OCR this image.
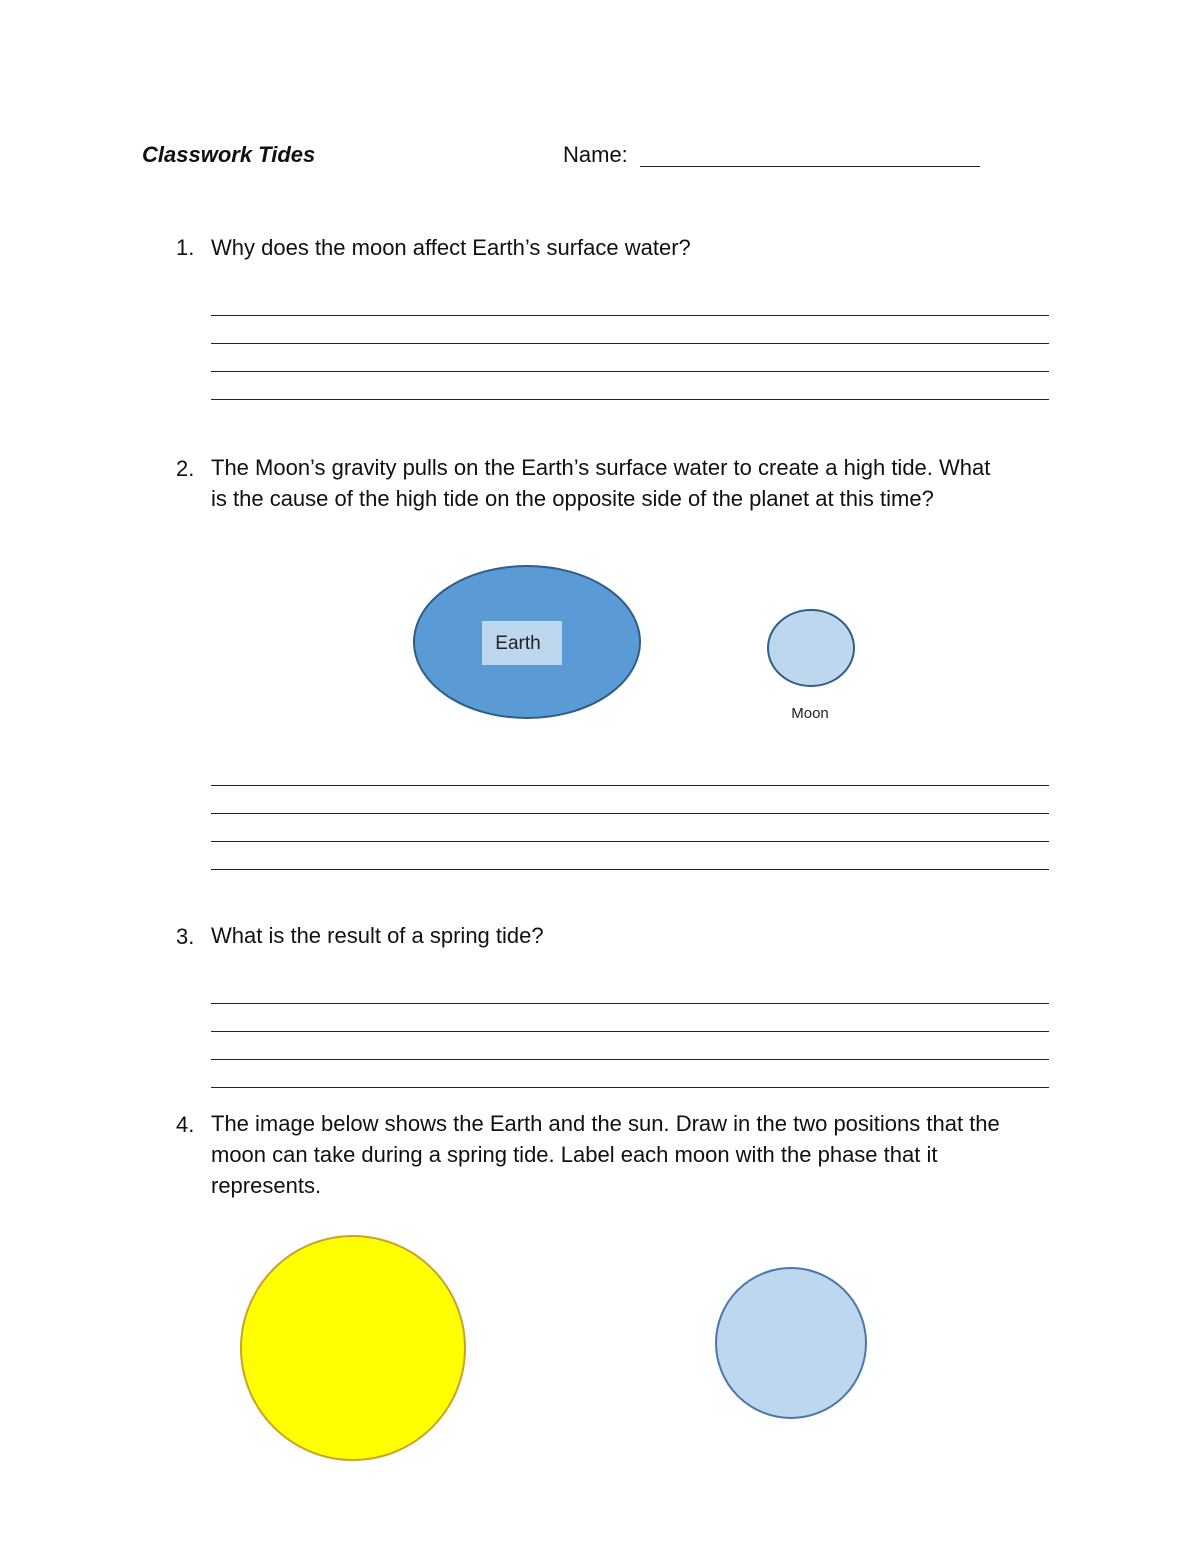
Classwork Tides	Name:
1. Why does the moon affect Earth’s surface water?
2. The Moon’s gravity pulls on the Earth’s surface water to create a high tide. What
is the cause of the high tide on the opposite side of the planet at this time?
Earth
Moon
3. What is the result of a spring tide?
4. The image below shows the Earth and the sun. Draw in the two positions that the
moon can take during a spring tide. Label each moon with the phase that it
represents.
